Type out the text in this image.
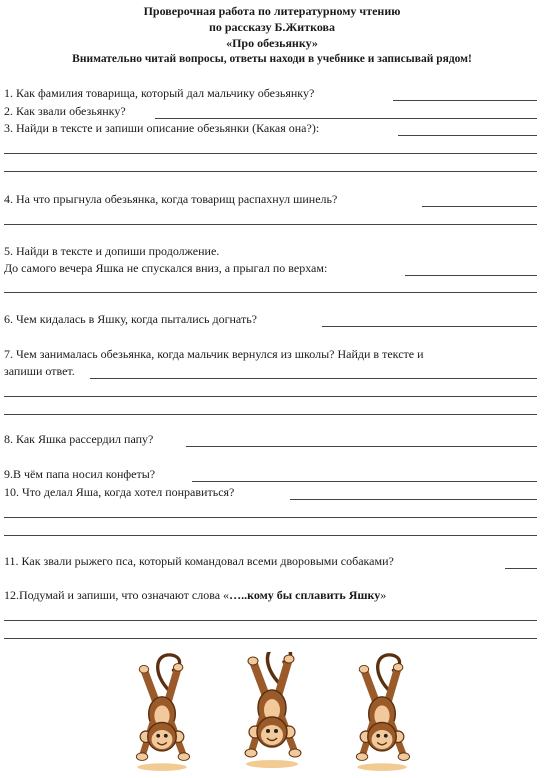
Проверочная работа по литературному чтению
по рассказу Б.Житкова
«Про обезьянку»
Внимательно читай вопросы, ответы находи в учебнике и записывай рядом!
1. Как фамилия товарища, который дал мальчику обезьянку?
2. Как звали обезьянку?
3. Найди в тексте и запиши описание обезьянки (Какая она?):
4. На что прыгнула обезьянка, когда товарищ распахнул шинель?
5. Найди в тексте и допиши продолжение.
До самого вечера Яшка не спускался вниз, а прыгал по верхам:
6. Чем кидалась в Яшку, когда пытались догнать?
7. Чем занималась обезьянка, когда мальчик вернулся из школы? Найди в тексте и
запиши ответ.
8. Как Яшка рассердил папу?
9.В чём папа носил конфеты?
10. Что делал Яша, когда хотел понравиться?
11. Как звали рыжего пса, который командовал всеми дворовыми собаками?
12.Подумай и запиши, что означают слова «…..кому бы сплавить Яшку»
